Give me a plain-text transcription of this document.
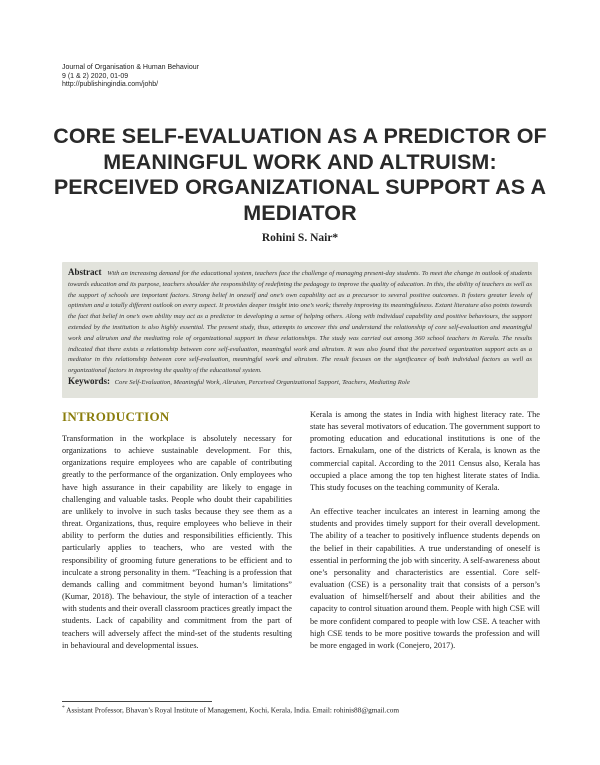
Journal of Organisation & Human Behaviour
9 (1 & 2) 2020, 01-09
http://publishingindia.com/johb/
CORE SELF-EVALUATION AS A PREDICTOR OF MEANINGFUL WORK AND ALTRUISM: PERCEIVED ORGANIZATIONAL SUPPORT AS A MEDIATOR
Rohini S. Nair*

Abstract With an increasing demand for the educational system, teachers face the challenge of managing present-day students. To meet the change in outlook of students towards education and its purpose, teachers shoulder the responsibility of redefining the pedagogy to improve the quality of education. In this, the ability of teachers as well as the support of schools are important factors. Strong belief in oneself and one’s own capability act as a precursor to several positive outcomes. It fosters greater levels of optimism and a totally different outlook on every aspect. It provides deeper insight into one’s work; thereby improving its meaningfulness. Extant literature also points towards the fact that belief in one’s own ability may act as a predictor in developing a sense of helping others. Along with individual capability and positive behaviours, the support extended by the institution is also highly essential. The present study, thus, attempts to uncover this and understand the relationship of core self-evaluation and meaningful work and altruism and the mediating role of organizational support in these relationships. The study was carried out among 360 school teachers in Kerala. The results indicated that there exists a relationship between core self-evaluation, meaningful work and altruism. It was also found that the perceived organization support acts as a mediator in this relationship between core self-evaluation, meaningful work and altruism. The result focuses on the significance of both individual factors as well as organizational factors in improving the quality of the educational system.

Keywords: Core Self-Evaluation, Meaningful Work, Altruism, Perceived Organizational Support, Teachers, Mediating Role

INTRODUCTION

Transformation in the workplace is absolutely necessary for organizations to achieve sustainable development. For this, organizations require employees who are capable of contributing greatly to the performance of the organization. Only employees who have high assurance in their capability are likely to engage in challenging and valuable tasks. People who doubt their capabilities are unlikely to involve in such tasks because they see them as a threat. Organizations, thus, require employees who believe in their ability to perform the duties and responsibilities efficiently. This particularly applies to teachers, who are vested with the responsibility of grooming future generations to be efficient and to inculcate a strong personality in them. “Teaching is a profession that demands calling and commitment beyond human’s limitations” (Kumar, 2018). The behaviour, the style of interaction of a teacher with students and their overall classroom practices greatly impact the students. Lack of capability and commitment from the part of teachers will adversely affect the mind-set of the students resulting in behavioural and developmental issues.

Kerala is among the states in India with highest literacy rate. The state has several motivators of education. The government support to promoting education and educational institutions is one of the factors. Ernakulam, one of the districts of Kerala, is known as the commercial capital. According to the 2011 Census also, Kerala has occupied a place among the top ten highest literate states of India. This study focuses on the teaching community of Kerala.

An effective teacher inculcates an interest in learning among the students and provides timely support for their overall development. The ability of a teacher to positively influence students depends on the belief in their capabilities. A true understanding of oneself is essential in performing the job with sincerity. A self-awareness about one’s personality and characteristics are essential. Core self-evaluation (CSE) is a personality trait that consists of a person’s evaluation of himself/herself and about their abilities and the capacity to control situation around them. People with high CSE will be more confident compared to people with low CSE. A teacher with high CSE tends to be more positive towards the profession and will be more engaged in work (Conejero, 2017).

* Assistant Professor, Bhavan’s Royal Institute of Management, Kochi, Kerala, India. Email: rohinis88@gmail.com
